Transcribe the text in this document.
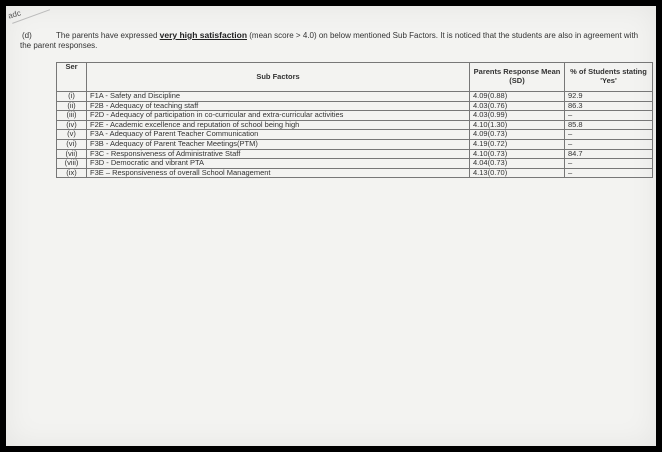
adc
(d)	The parents have expressed very high satisfaction (mean score > 4.0) on below mentioned Sub Factors. It is noticed that the students are also in agreement with the parent responses.
Ser	Sub Factors	Parents Response Mean (SD)	% of Students stating 'Yes'
(i)	F1A - Safety and Discipline	4.09(0.88)	92.9
(ii)	F2B - Adequacy of teaching staff	4.03(0.76)	86.3
(iii)	F2D - Adequacy of participation in co-curricular and extra-curricular activities	4.03(0.99)	–
(iv)	F2E - Academic excellence and reputation of school being high	4.10(1.30)	85.8
(v)	F3A - Adequacy of Parent Teacher Communication	4.09(0.73)	–
(vi)	F3B - Adequacy of Parent Teacher Meetings(PTM)	4.19(0.72)	–
(vii)	F3C - Responsiveness of Administrative Staff	4.10(0.73)	84.7
(viii)	F3D - Democratic and vibrant PTA	4.04(0.73)	–
(ix)	F3E – Responsiveness of overall School Management	4.13(0.70)	–
